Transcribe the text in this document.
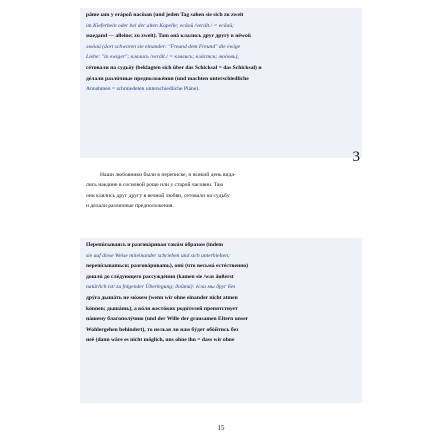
päme ıam y erápoñ наcöıan (und jeden Tag sahen sie sich zu zweit
im Kieferhein oder bei der alten Kapelle; ecâoü /verált./ = ecâaü;
мaeдaпd — alleine; zu zweit). Tam oнâ клaлиcь дpyr дpyry в нëwoü
люöaú (dort schworen sie einander: "Freund dem Freund" die ewige
Liebe: "in ewiger"; клaлиcь /verált./ = клялиcь; клácmcя; люöoвь),
céтoвaли нa cyдьöy (beklagten sich über das Schicksal = das Schicksal) и
дéлaли paзлúчныe пpeдпoлoжéния (und machten unterschiedliche
Annahmen = schmiedeten unterschiedliche Pläne).
3
Haши лю6oвники были в перепиcке, и вcякий дeнь видa-
лиcь нaeдинe в cocнoвoй poщe или y cтapoй чacoвни. Taм
oни клялиcь дpyг дpyгy в вeчнoй любви, ceтoвaли нa cyдьбy
и делали paзличныe пpeдпoлoжeния.
Перепúсываясь и разговáривая такúм óбразом (indem
sie auf diese Weise miteinander schrieben und sich unterhielten;
nepeníсываmься; paзгoвáрuвamь), oнú (что весьмá естéственно)
дошлú до слéдующего рассуждéния (kamen sie /was äußerst
natürlich ist/ zu folgender Überlegung; дoйmú): éсли мы дpyr без
дpýra дышáть не мóжем (wenn wir ohne einander nicht atmen
können; дышámь), а вóля жестóких родúтелей препятствует
нáшему благополýчию (und der Wille der grausamen Eltern unser
Wohlergehen behindert), то нельзя ли нам бýдет обóйтись без
неё (dann wäre es nicht möglich, uns ohne ihn = dass wir ohne
15
